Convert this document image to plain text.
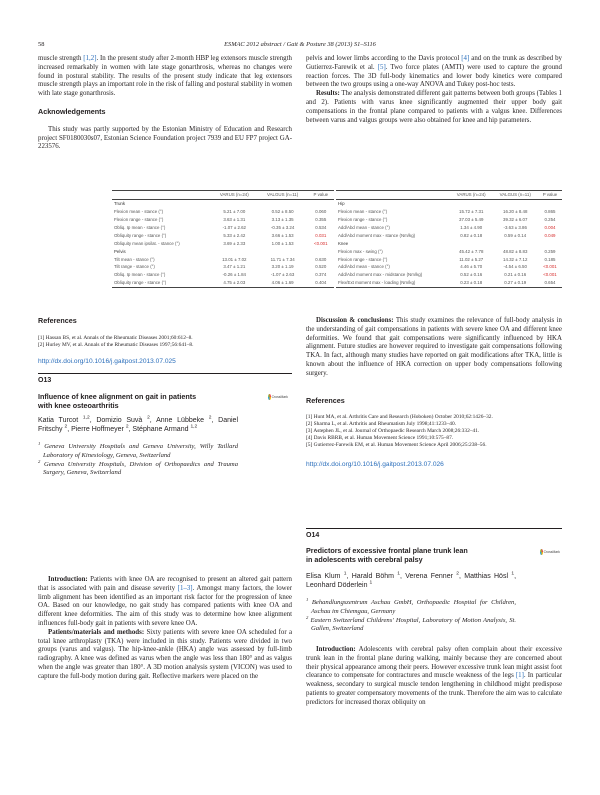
58	ESMAC 2012 abstract / Gait & Posture 38 (2013) S1–S116

muscle strength [1,2]. In the present study after 2-month HBP leg extensors muscle strength increased remarkably in women with late stage gonarthrosis, whereas no changes were found in postural stability. The results of the present study indicate that leg extensors muscle strength plays an important role in the risk of falling and postural stability in women with late stage gonarthrosis.

Acknowledgements

This study was partly supported by the Estonian Ministry of Education and Research project SF0180030s07, Estonian Science Foundation project 7939 and EU FP7 project GA-223576.

pelvis and lower limbs according to the Davis protocol [4] and on the trunk as described by Gutierrez-Farewik et al. [5]. Two force plates (AMTI) were used to capture the ground reaction forces. The 3D full-body kinematics and lower body kinetics were compared between the two groups using a one-way ANOVA and Tukey post-hoc tests.

Results: The analysis demonstrated different gait patterns between both groups (Tables 1 and 2). Patients with varus knee significantly augmented their upper body gait compensations in the frontal plane compared to patients with a valgus knee. Differences between varus and valgus groups were also obtained for knee and hip parameters.

	VARUS (n=24)	VALGUS (n=11)	P value
Trunk			
Flexion mean - stance (°)	5.21 ± 7.00	0.52 ± 8.50	0.060
Flexion range - stance (°)	3.63 ± 1.31	3.13 ± 1.35	0.355
Obliq. Ip mean - stance (°)	-1.07 ± 2.62	-0.35 ± 3.24	0.534
Obliquity range - stance (°)	5.33 ± 2.42	3.66 ± 1.53	0.031
Obliquity mean ipsilat. - stance (°)	3.69 ± 2.33	1.00 ± 1.53	<0.001
Pelvis			
Tilt mean - stance (°)	13.01 ± 7.02	11.71 ± 7.34	0.630
Tilt range - stance (°)	3.47 ± 1.21	3.20 ± 1.19	0.520
Obliq. Ip mean - stance (°)	-0.26 ± 1.84	-1.07 ± 2.63	0.374
Obliquity range - stance (°)	4.75 ± 2.03	4.06 ± 1.69	0.404
	VARUS (n=24)	VALGUS (n=11)	P value
Hip			
Flexion mean - stance (°)	15.72 ± 7.31	16.20 ± 8.48	0.865
Flexion range - stance (°)	37.03 ± 5.49	39.32 ± 6.07	0.254
Add/Abd mean - stance (°)	1.34 ± 4.90	-3.63 ± 3.86	0.004
Add/Abd moment max - stance (Nm/kg)	0.82 ± 0.18	0.59 ± 0.14	0.049
Knee			
Flexion max - swing (°)	45.42 ± 7.78	48.82 ± 8.83	0.259
Flexion range - stance (°)	11.02 ± 5.27	14.32 ± 7.12	0.185
Add/Abd mean - stance (°)	4.46 ± 5.70	-4.54 ± 6.50	<0.001
Add/Abd moment max - midstance (Nm/kg)	0.52 ± 0.16	0.21 ± 0.16	<0.001
Flex/Ext moment max - loading (Nm/kg)	0.23 ± 0.18	0.27 ± 0.19	0.654
References
[1] Hassan BS, et al. Annals of the Rheumatic Diseases 2001;60:612–8.
[2] Hurley MV, et al. Annals of the Rheumatic Diseases 1997;56:641–8.
http://dx.doi.org/10.1016/j.gaitpost.2013.07.025
O13
Influence of knee alignment on gait in patients
with knee osteoarthritis
CrossMark
Katia Turcot $^{1,2}$, Domizio Suvà $^2$, Anne Lübbeke $^2$, Daniel Fritschy $^2$, Pierre Hoffmeyer $^2$, Stéphane Armand $^{1,2}$
$^1$ Geneva University Hospitals and Geneva University, Willy Taillard Laboratory of Kinesiology, Geneva, Switzerland
$^2$ Geneva University Hospitals, Division of Orthopaedics and Trauma Surgery, Geneva, Switzerland

Introduction: Patients with knee OA are recognised to present an altered gait pattern that is associated with pain and disease severity [1–3]. Amongst many factors, the lower limb alignment has been identified as an important risk factor for the progression of knee OA. Based on our knowledge, no gait study has compared patients with knee OA and different knee deformities. The aim of this study was to determine how knee alignment influences full-body gait in patients with severe knee OA.

Patients/materials and methods: Sixty patients with severe knee OA scheduled for a total knee arthroplasty (TKA) were included in this study. Patients were divided in two groups (varus and valgus). The hip-knee-ankle (HKA) angle was assessed by full-limb radiography. A knee was defined as varus when the angle was less than 180° and as valgus when the angle was greater than 180°. A 3D motion analysis system (VICON) was used to capture the full-body motion during gait. Reflective markers were placed on the

Discussion & conclusions: This study examines the relevance of full-body analysis in the understanding of gait compensations in patients with severe knee OA and different knee deformities. We found that gait compensations were significantly influenced by HKA alignment. Future studies are however required to investigate gait compensations following TKA. In fact, although many studies have reported on gait modifications after TKA, little is known about the influence of HKA correction on upper body compensations following surgery.

References
[1] Hunt MA, et al. Arthritis Care and Research (Hoboken) October 2010;62:1426–32.
[2] Sharma L, et al. Arthritis and Rheumatism July 1998;41:1233–40.
[3] Astephen JL, et al. Journal of Orthopaedic Research March 2008;26:332–41.
[4] Davis RBRB, et al. Human Movement Science 1991;10:575–87.
[5] Gutierrez-Farewik EM, et al. Human Movement Science April 2006;25:238–56.
http://dx.doi.org/10.1016/j.gaitpost.2013.07.026
O14
Predictors of excessive frontal plane trunk lean
in adolescents with cerebral palsy
CrossMark
Elisa Klum $^1$, Harald Böhm $^1$, Verena Fenner $^2$, Matthias Hösl $^1$, Leonhard Döderlein $^1$
$^1$ Behandlungszentrum Aschau GmbH, Orthopaedic Hospital for Children, Aschau im Chiemgau, Germany
$^2$ Eastern Switzerland Childrens' Hospital, Laboratory of Motion Analysis, St. Gallen, Switzerland

Introduction: Adolescents with cerebral palsy often complain about their excessive trunk lean in the frontal plane during walking, mainly because they are concerned about their physical appearance among their peers. However excessive trunk lean might assist foot clearance to compensate for contractures and muscle weakness of the legs [1]. In particular weakness, secondary to surgical muscle tendon lengthening in childhood might predispose patients to greater compensatory movements of the trunk. Therefore the aim was to calculate predictors for increased thorax obliquity on
